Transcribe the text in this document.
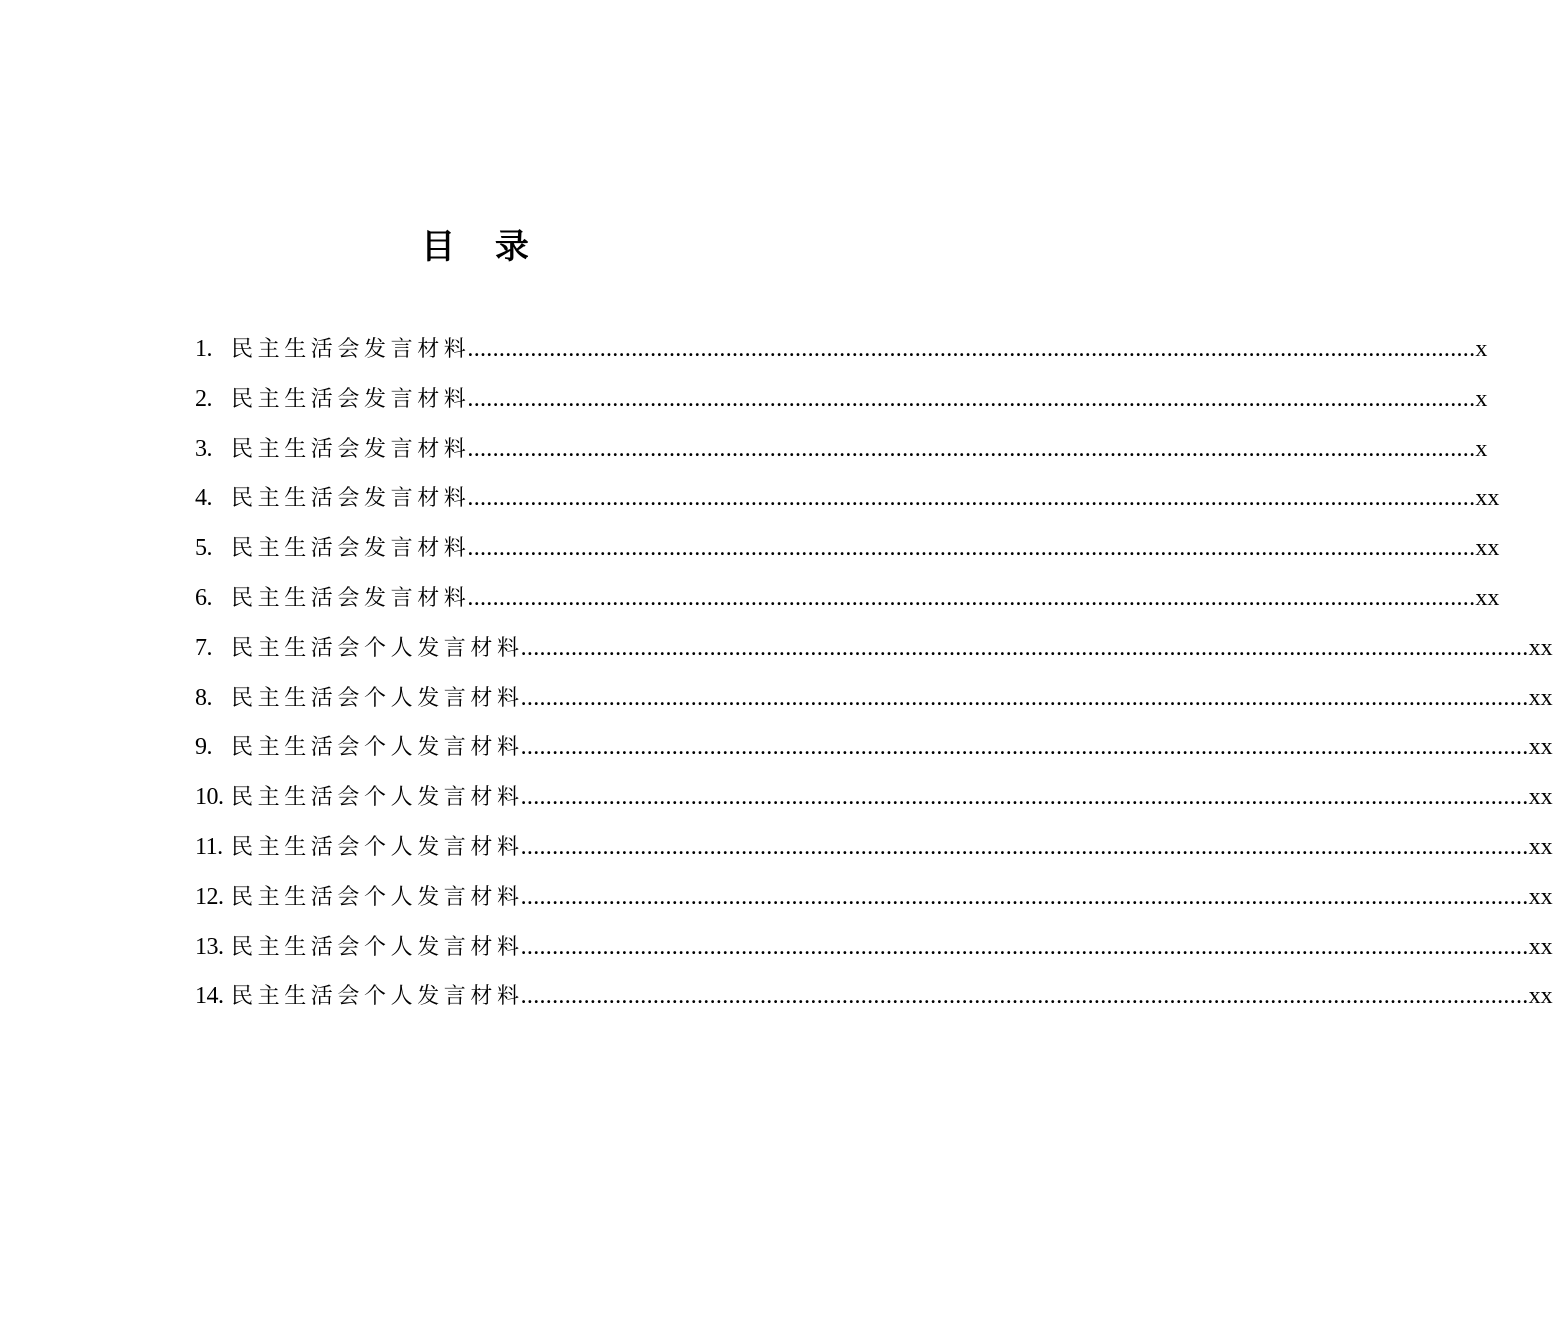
目 录
1. 民主生活会发言材料
................................................................................................................................................................ x
2. 民主生活会发言材料
................................................................................................................................................................ x
3. 民主生活会发言材料
................................................................................................................................................................ x
4. 民主生活会发言材料
................................................................................................................................................................ xx
5. 民主生活会发言材料
................................................................................................................................................................ xx
6. 民主生活会发言材料
................................................................................................................................................................ xx
7. 民主生活会个人发言材料
................................................................................................................................................................ xx
8. 民主生活会个人发言材料
................................................................................................................................................................ xx
9. 民主生活会个人发言材料
................................................................................................................................................................ xx
10. 民主生活会个人发言材料
................................................................................................................................................................ xx
11. 民主生活会个人发言材料
................................................................................................................................................................ xx
12. 民主生活会个人发言材料
................................................................................................................................................................ xx
13. 民主生活会个人发言材料
................................................................................................................................................................ xx
14. 民主生活会个人发言材料
................................................................................................................................................................ xx
